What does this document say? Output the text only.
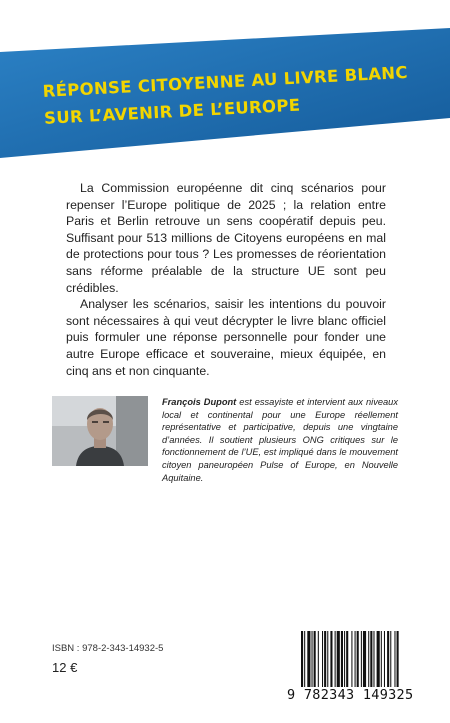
RÉPONSE CITOYENNE AU LIVRE BLANC
SUR L’AVENIR DE L’EUROPE

La Commission européenne dit cinq scénarios pour repenser l’Europe politique de 2025 ; la relation entre Paris et Berlin retrouve un sens coopératif depuis peu. Suffisant pour 513 millions de Citoyens européens en mal de protections pour tous ? Les promesses de réorientation sans réforme préalable de la structure UE sont peu crédibles.

Analyser les scénarios, saisir les intentions du pouvoir sont nécessaires à qui veut décrypter le livre blanc officiel puis formuler une réponse personnelle pour fonder une autre Europe efficace et souveraine, mieux équipée, en cinq ans et non cinquante.

François Dupont est essayiste et intervient aux niveaux local et continental pour une Europe réellement représentative et participative, depuis une vingtaine d’années. Il soutient plusieurs ONG critiques sur le fonctionnement de l’UE, est impliqué dans le mouvement citoyen paneuropéen Pulse of Europe, en Nouvelle Aquitaine.

ISBN : 978-2-343-14932-5

12 €

9 782343 149325
